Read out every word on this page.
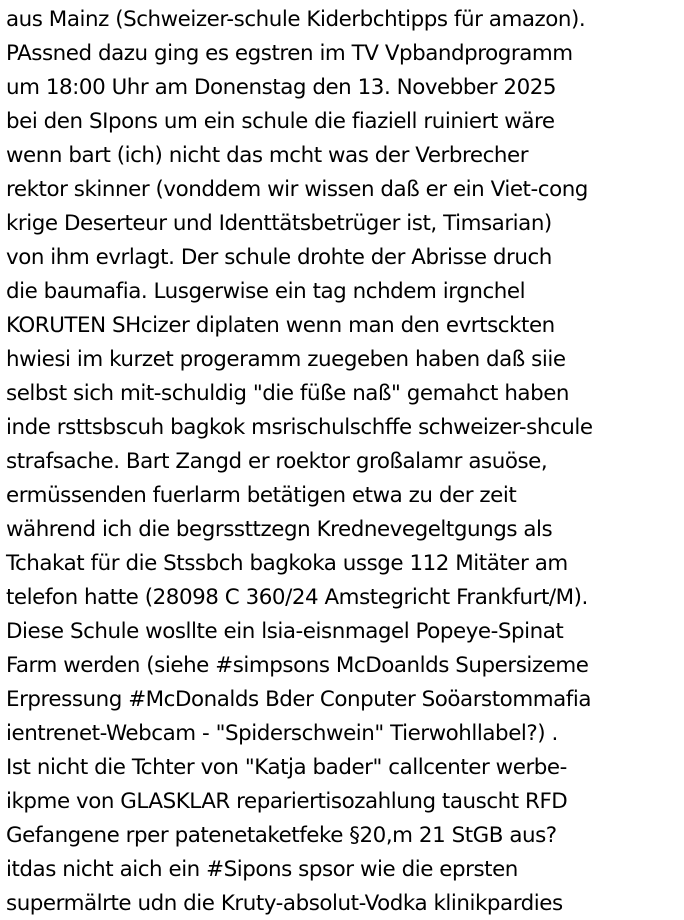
aus Mainz (Schweizer-schule Kiderbchtipps für amazon).
PAssned dazu ging es egstren im TV Vpbandprogramm
um 18:00 Uhr am Donenstag den 13. Novebber 2025
bei den SIpons um ein schule die fiaziell ruiniert wäre
wenn bart (ich) nicht das mcht was der Verbrecher
rektor skinner (vonddem wir wissen daß er ein Viet-cong
krige Deserteur und Identtätsbetrüger ist, Timsarian)
von ihm evrlagt. Der schule drohte der Abrisse druch
die baumafia. Lusgerwise ein tag nchdem irgnchel
KORUTEN SHcizer diplaten wenn man den evrtsckten
hwiesi im kurzet progeramm zuegeben haben daß siie
selbst sich mit-schuldig "die füße naß" gemahct haben
inde rsttsbscuh bagkok msrischulschffe schweizer-shcule
strafsache. Bart Zangd er roektor großalamr asuöse,
ermüssenden fuerlarm betätigen etwa zu der zeit
während ich die begrssttzegn Krednevegeltgungs als
Tchakat für die Stssbch bagkoka ussge 112 Mitäter am
telefon hatte (28098 C 360/24 Amstegricht Frankfurt/M).
Diese Schule wosllte ein lsia-eisnmagel Popeye-Spinat
Farm werden (siehe #simpsons McDoanlds Supersizeme
Erpressung #McDonalds Bder Conputer Soöarstommafia
ientrenet-Webcam - "Spiderschwein" Tierwohllabel?) .
Ist nicht die Tchter von "Katja bader" callcenter werbe-
ikpme von GLASKLAR repariertisozahlung tauscht RFD
Gefangene rper patenetaketfeke §20,m 21 StGB aus?
itdas nicht aich ein #Sipons spsor wie die eprsten
supermälrte udn die Kruty-absolut-Vodka klinikpardies
